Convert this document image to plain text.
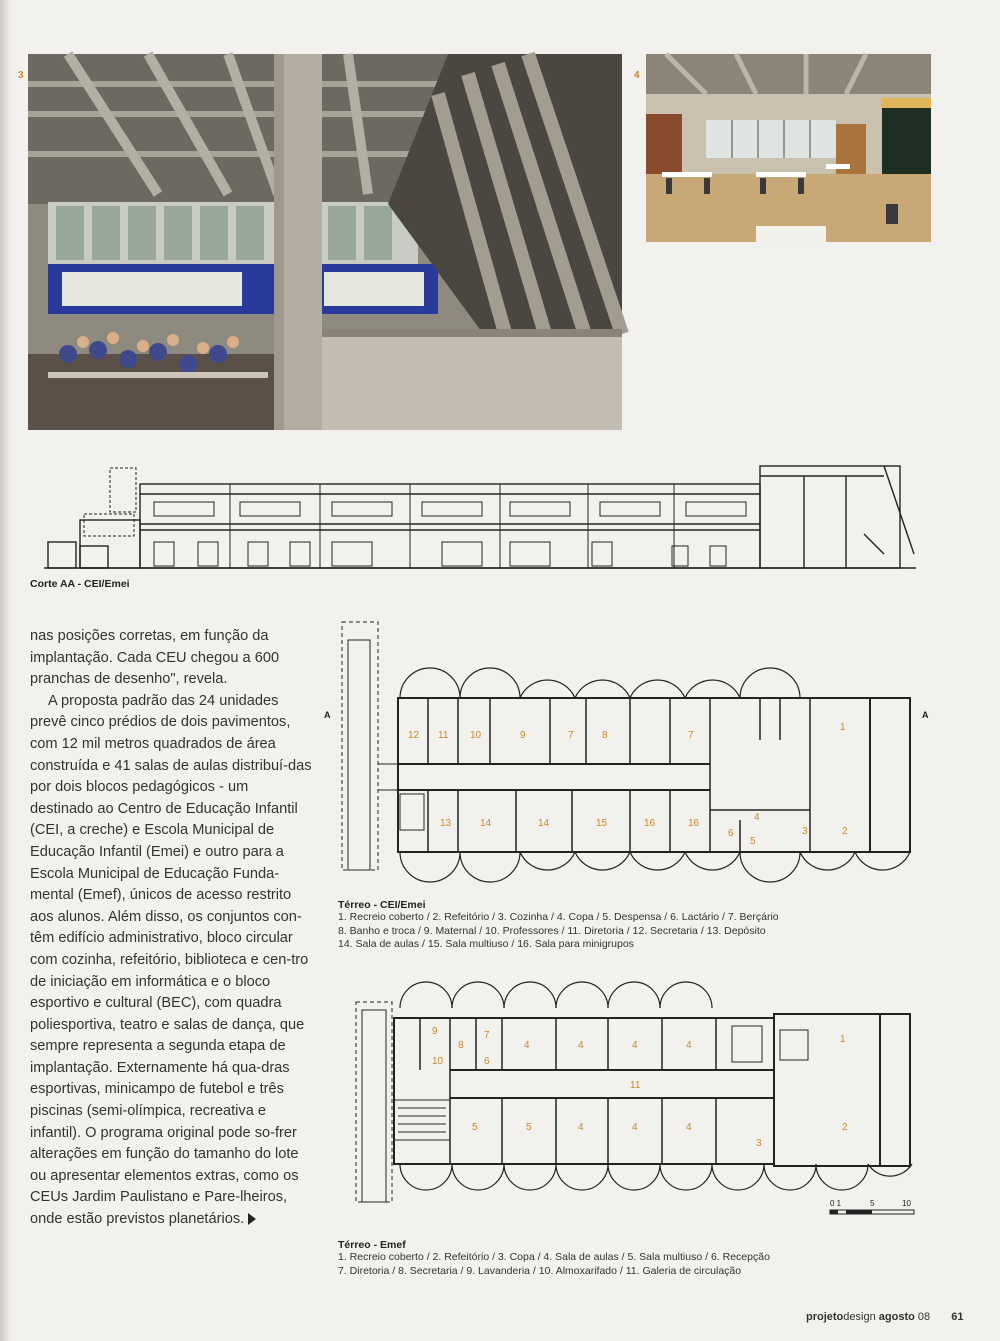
3	4
Corte AA - CEI/Emei

nas posições corretas, em função da implantação. Cada CEU chegou a 600 pranchas de desenho", revela.

A proposta padrão das 24 unidades prevê cinco prédios de dois pavimentos, com 12 mil metros quadrados de área construída e 41 salas de aulas distribuí-das por dois blocos pedagógicos - um destinado ao Centro de Educação Infantil (CEI, a creche) e Escola Municipal de Educação Infantil (Emei) e outro para a Escola Municipal de Educação Funda-mental (Emef), únicos de acesso restrito aos alunos. Além disso, os conjuntos con-têm edifício administrativo, bloco circular com cozinha, refeitório, biblioteca e cen-tro de iniciação em informática e o bloco esportivo e cultural (BEC), com quadra poliesportiva, teatro e salas de dança, que sempre representa a segunda etapa de implantação. Externamente há qua-dras esportivas, minicampo de futebol e três piscinas (semi-olímpica, recreativa e infantil). O programa original pode so-frer alterações em função do tamanho do lote ou apresentar elementos extras, como os CEUs Jardim Paulistano e Pare-lheiros, onde estão previstos planetários.

12 11 10	9	7	8	7
1
13	14	14	15	16	16
6
4
5
3	2
A	A
Térreo - CEI/Emei
1. Recreio coberto / 2. Refeitório / 3. Cozinha / 4. Copa / 5. Despensa / 6. Lactário / 7. Berçário
8. Banho e troca / 9. Maternal / 10. Professores / 11. Diretoria / 12. Secretaria / 13. Depósito
14. Sala de aulas / 15. Sala multiuso / 16. Sala para minigrupos
9
10
8
7
6
4	4	4	4
1
11
5	5	4	4	4
3
2
0 1	5	10
Térreo - Emef
1. Recreio coberto / 2. Refeitório / 3. Copa / 4. Sala de aulas / 5. Sala multiuso / 6. Recepção
7. Diretoria / 8. Secretaria / 9. Lavanderia / 10. Almoxarifado / 11. Galeria de circulação
projetodesign agosto 08 61
